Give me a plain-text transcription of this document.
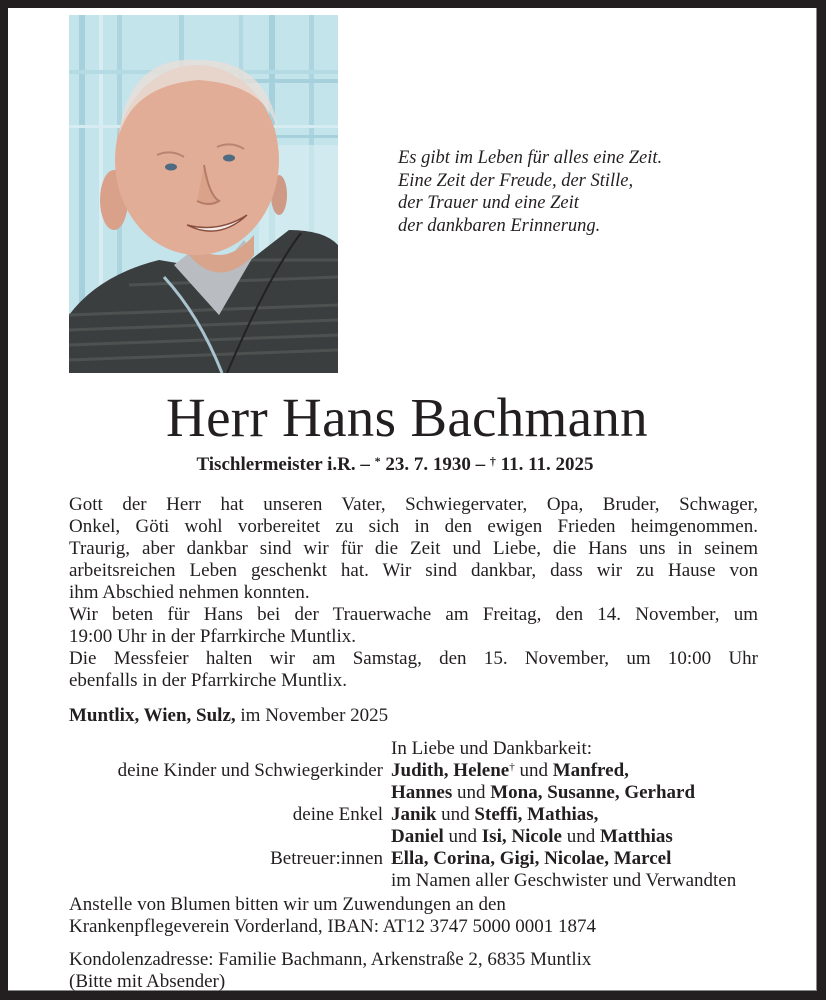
Es gibt im Leben für alles eine Zeit.
Eine Zeit der Freude, der Stille,
der Trauer und eine Zeit
der dankbaren Erinnerung.
Herr Hans Bachmann
Tischlermeister i.R. – * 23. 7. 1930 – † 11. 11. 2025
Gott der Herr hat unseren Vater, Schwiegervater, Opa, Bruder, Schwager,
Onkel, Göti wohl vorbereitet zu sich in den ewigen Frieden heimgenommen.
Traurig, aber dankbar sind wir für die Zeit und Liebe, die Hans uns in seinem
arbeitsreichen Leben geschenkt hat. Wir sind dankbar, dass wir zu Hause von
ihm Abschied nehmen konnten.
Wir beten für Hans bei der Trauerwache am Freitag, den 14. November, um
19:00 Uhr in der Pfarrkirche Muntlix.
Die Messfeier halten wir am Samstag, den 15. November, um 10:00 Uhr
ebenfalls in der Pfarrkirche Muntlix.
Muntlix, Wien, Sulz, im November 2025
In Liebe und Dankbarkeit:
deine Kinder und Schwiegerkinder Judith, Helene† und Manfred,
Hannes und Mona, Susanne, Gerhard
deine Enkel Janik und Steffi, Mathias,
Daniel und Isi, Nicole und Matthias
Betreuer:innen Ella, Corina, Gigi, Nicolae, Marcel
im Namen aller Geschwister und Verwandten
Anstelle von Blumen bitten wir um Zuwendungen an den
Krankenpflegeverein Vorderland, IBAN: AT12 3747 5000 0001 1874
Kondolenzadresse: Familie Bachmann, Arkenstraße 2, 6835 Muntlix
(Bitte mit Absender)
